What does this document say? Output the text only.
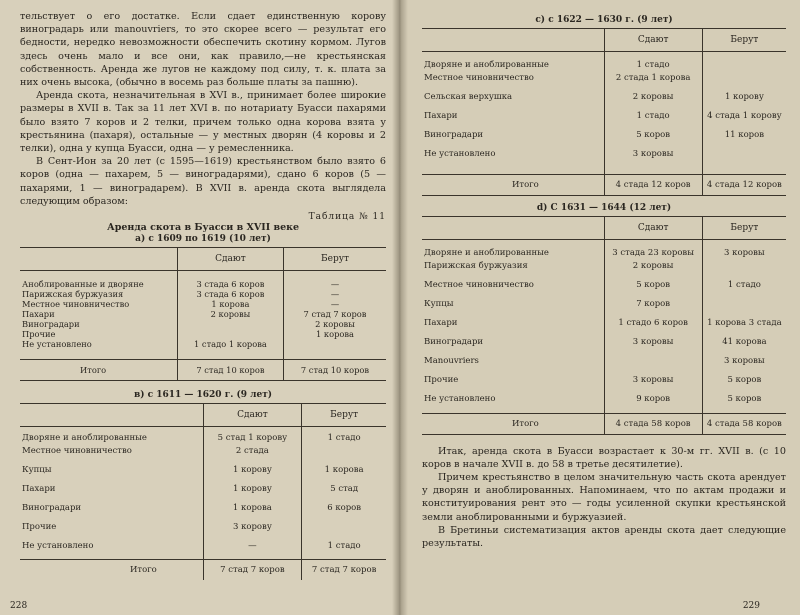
тельствует о его достатке. Если сдает единственную корову виноградарь или manouvriers, то это скорее всего — результат его бедности, нередко невозможности обеспечить скотину кормом. Лугов здесь очень мало и все они, как правило,—не крестьянская собственность. Аренда же лугов не каждому под силу, т. к. плата за них очень высока, (обычно в восемь раз больше платы за пашню).

Аренда скота, незначительная в XVI в., принимает более широкие размеры в XVII в. Так за 11 лет XVI в. по нотариату Буасси пахарями было взято 7 коров и 2 телки, причем только одна корова взята у крестьянина (пахаря), остальные — у местных дворян (4 коровы и 2 телки), одна у купца Буасси, одна — у ремесленника.

В Сент-Ион за 20 лет (с 1595—1619) крестьянством было взято 6 коров (одна — пахарем, 5 — виноградарями), сдано 6 коров (5 — пахарями, 1 — виноградарем). В XVII в. аренда скота выглядела следующим образом:

Таблица № 11
Аренда скота в Буасси в XVII веке
а) с 1609 по 1619 (10 лет)
	Сдают	Берут

Аноблированные и дворяне	3 стада 6 коров	—
Парижская буржуазия	3 стада 6 коров	—
Местное чиновничество	1 корова	—
Пахари	2 коровы	7 стад 7 коров
Виноградари		2 коровы
Прочие		1 корова
Не установлено	1 стадо 1 корова	

Итого	7 стад 10 коров	7 стад 10 коров
в) с 1611 — 1620 г. (9 лет)
	Сдают	Берут
Дворяне и аноблированные	5 стад 1 корову	1 стадо
Местное чиновничество	2 стада	
Купцы	1 корову	1 корова
Пахари	1 корову	5 стад
Виноградари	1 корова	6 коров
Прочие	3 корову	
Не установлено	—	1 стадо
Итого	7 стад 7 коров	7 стад 7 коров
228
с) с 1622 — 1630 г. (9 лет)
	Сдают	Берут
Дворяне и аноблированные	1 стадо	
Местное чиновничество	2 стада 1 корова	
Сельская верхушка	2 коровы	1 корову
Пахари	1 стадо	4 стада 1 корову
Виноградари	5 коров	11 коров
Не установлено	3 коровы	

Итого	4 стада 12 коров	4 стада 12 коров
d) С 1631 — 1644 (12 лет)
	Сдают	Берут
Дворяне и аноблированные	3 стада 23 коровы	3 коровы
Парижская буржуазия	2 коровы	
Местное чиновничество	5 коров	1 стадо
Купцы	7 коров	
Пахари	1 стадо 6 коров	1 корова 3 стада
Виноградари	3 коровы	41 корова
Manouvriers		3 коровы
Прочие	3 коровы	5 коров
Не установлено	9 коров	5 коров
Итого	4 стада 58 коров	4 стада 58 коров

Итак, аренда скота в Буасси возрастает к 30-м гг. XVII в. (с 10 коров в начале XVII в. до 58 в третье десятилетие).

Причем крестьянство в целом значительную часть скота арендует у дворян и аноблированных. Напоминаем, что по актам продажи и конституирования рент это — годы усиленной скупки крестьянской земли аноблированными и буржуазией.

В Бретиньи систематизация актов аренды скота дает следующие результаты.

229
